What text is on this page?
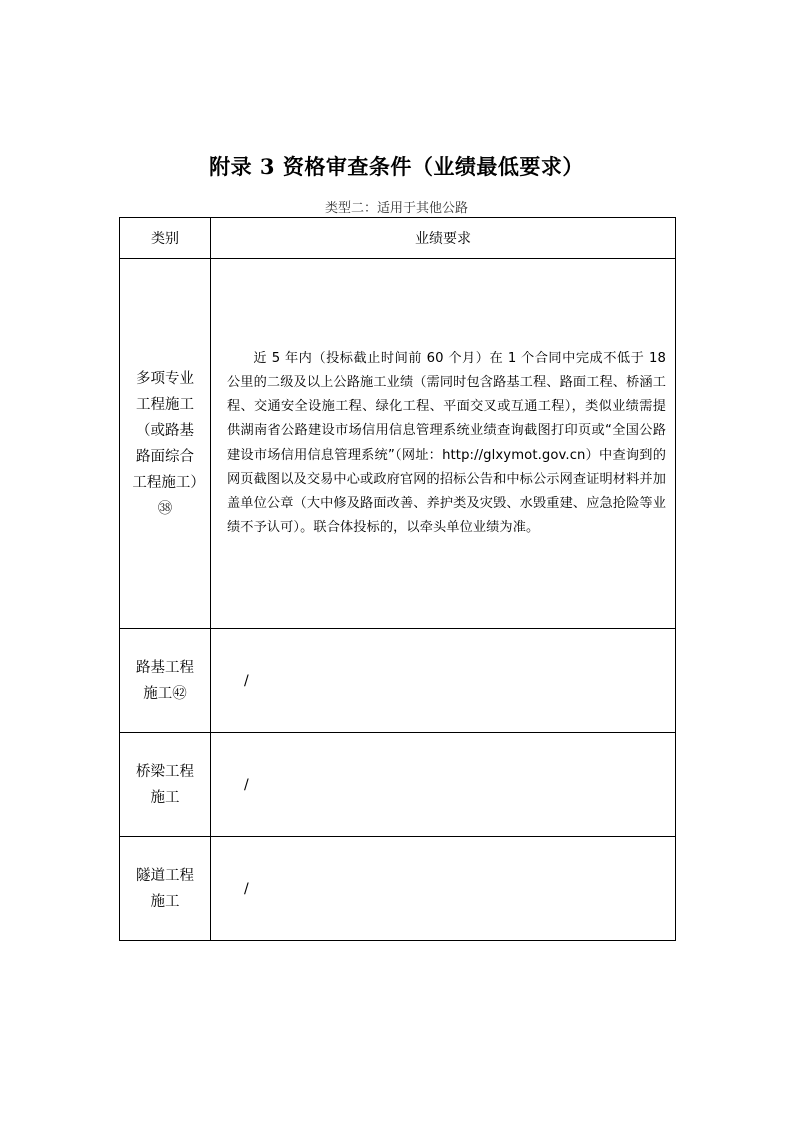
附录 3 资格审查条件（业绩最低要求）
类型二：适用于其他公路
类别	业绩要求
多项专业工程施工（或路基路面综合工程施工）㊳	近 5 年内（投标截止时间前 60 个月）在 1 个合同中完成不低于 18 公里的二级及以上公路施工业绩（需同时包含路基工程、路面工程、桥涵工程、交通安全设施工程、绿化工程、平面交叉或互通工程），类似业绩需提供湖南省公路建设市场信用信息管理系统业绩查询截图打印页或“全国公路建设市场信用信息管理系统”（网址：http://glxymot.gov.cn）中查询到的网页截图以及交易中心或政府官网的招标公告和中标公示网查证明材料并加盖单位公章（大中修及路面改善、养护类及灾毁、水毁重建、应急抢险等业绩不予认可）。联合体投标的，以牵头单位业绩为准。

路基工程施工㊷	/
桥梁工程施工	/
隧道工程施工	/
